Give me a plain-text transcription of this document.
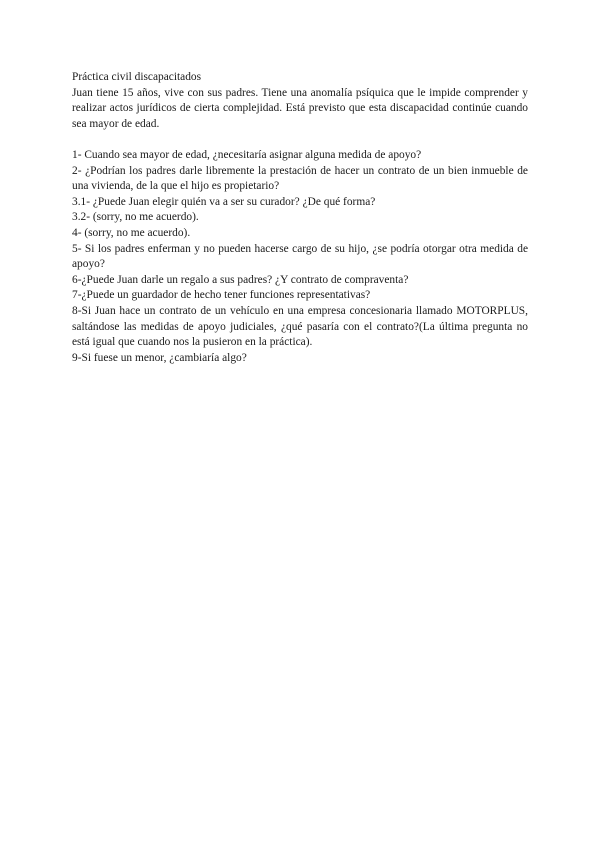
Práctica civil discapacitados

Juan tiene 15 años, vive con sus padres. Tiene una anomalía psíquica que le impide comprender y realizar actos jurídicos de cierta complejidad. Está previsto que esta discapacidad continúe cuando sea mayor de edad.

1- Cuando sea mayor de edad, ¿necesitaría asignar alguna medida de apoyo?

2- ¿Podrían los padres darle libremente la prestación de hacer un contrato de un bien inmueble de una vivienda, de la que el hijo es propietario?

3.1- ¿Puede Juan elegir quién va a ser su curador? ¿De qué forma?

3.2- (sorry, no me acuerdo).

4- (sorry, no me acuerdo).

5- Si los padres enferman y no pueden hacerse cargo de su hijo, ¿se podría otorgar otra medida de apoyo?

6-¿Puede Juan darle un regalo a sus padres? ¿Y contrato de compraventa?

7-¿Puede un guardador de hecho tener funciones representativas?

8-Si Juan hace un contrato de un vehículo en una empresa concesionaria llamado MOTORPLUS, saltándose las medidas de apoyo judiciales, ¿qué pasaría con el contrato?(La última pregunta no está igual que cuando nos la pusieron en la práctica).

9-Si fuese un menor, ¿cambiaría algo?
